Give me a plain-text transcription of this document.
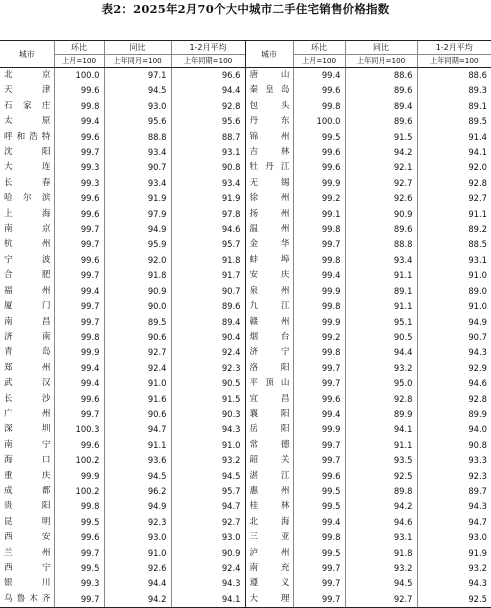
表2：2025年2月70个大中城市二手住宅销售价格指数
城市	环比	同比	1-2月平均	城市	环比	同比	1-2月平均
	上月=100	上年同月=100	上年同期=100		上月=100	上年同月=100	上年同期=100
北　京	100.0	97.1	96.6	唐　山	99.4	88.6	88.6
天　津	99.6	94.5	94.4	秦皇岛	99.6	89.6	89.3
石家庄	99.8	93.0	92.8	包　头	99.8	89.4	89.1
太　原	99.4	95.6	95.6	丹　东	100.0	89.6	89.5
呼和浩特	99.6	88.8	88.7	锦　州	99.5	91.5	91.4
沈　阳	99.7	93.4	93.1	吉　林	99.6	94.2	94.1
大　连	99.3	90.7	90.8	牡丹江	99.6	92.1	92.0
长　春	99.3	93.4	93.4	无　锡	99.9	92.7	92.8
哈尔滨	99.6	91.9	91.9	徐　州	99.2	92.6	92.7
上　海	99.6	97.9	97.8	扬　州	99.1	90.9	91.1
南　京	99.7	94.9	94.6	温　州	99.8	89.6	89.2
杭　州	99.7	95.9	95.7	金　华	99.7	88.8	88.5
宁　波	99.6	92.0	91.8	蚌　埠	99.8	93.4	93.1
合　肥	99.7	91.8	91.7	安　庆	99.4	91.1	91.0
福　州	99.4	90.9	90.7	泉　州	99.9	89.1	89.0
厦　门	99.7	90.0	89.6	九　江	99.8	91.1	91.0
南　昌	99.7	89.5	89.4	赣　州	99.9	95.1	94.9
济　南	99.8	90.6	90.4	烟　台	99.2	90.5	90.7
青　岛	99.9	92.7	92.4	济　宁	99.8	94.4	94.3
郑　州	99.4	92.4	92.3	洛　阳	99.7	93.2	92.9
武　汉	99.4	91.0	90.5	平顶山	99.7	95.0	94.6
长　沙	99.6	91.6	91.5	宜　昌	99.6	92.8	92.8
广　州	99.7	90.6	90.3	襄　阳	99.4	89.9	89.9
深　圳	100.3	94.7	94.3	岳　阳	99.9	94.1	94.0
南　宁	99.6	91.1	91.0	常　德	99.7	91.1	90.8
海　口	100.2	93.6	93.2	韶　关	99.7	93.5	93.3
重　庆	99.9	94.5	94.5	湛　江	99.6	92.5	92.3
成　都	100.2	96.2	95.7	惠　州	99.5	89.8	89.7
贵　阳	99.8	94.9	94.7	桂　林	99.5	94.2	94.3
昆　明	99.5	92.3	92.7	北　海	99.4	94.6	94.7
西　安	99.6	93.0	93.0	三　亚	99.8	93.1	93.0
兰　州	99.7	91.0	90.9	泸　州	99.5	91.8	91.9
西　宁	99.5	92.6	92.4	南　充	99.7	93.2	93.2
银　川	99.3	94.4	94.3	遵　义	99.7	94.5	94.3
乌鲁木齐	99.7	94.2	94.1	大　理	99.7	92.7	92.5
